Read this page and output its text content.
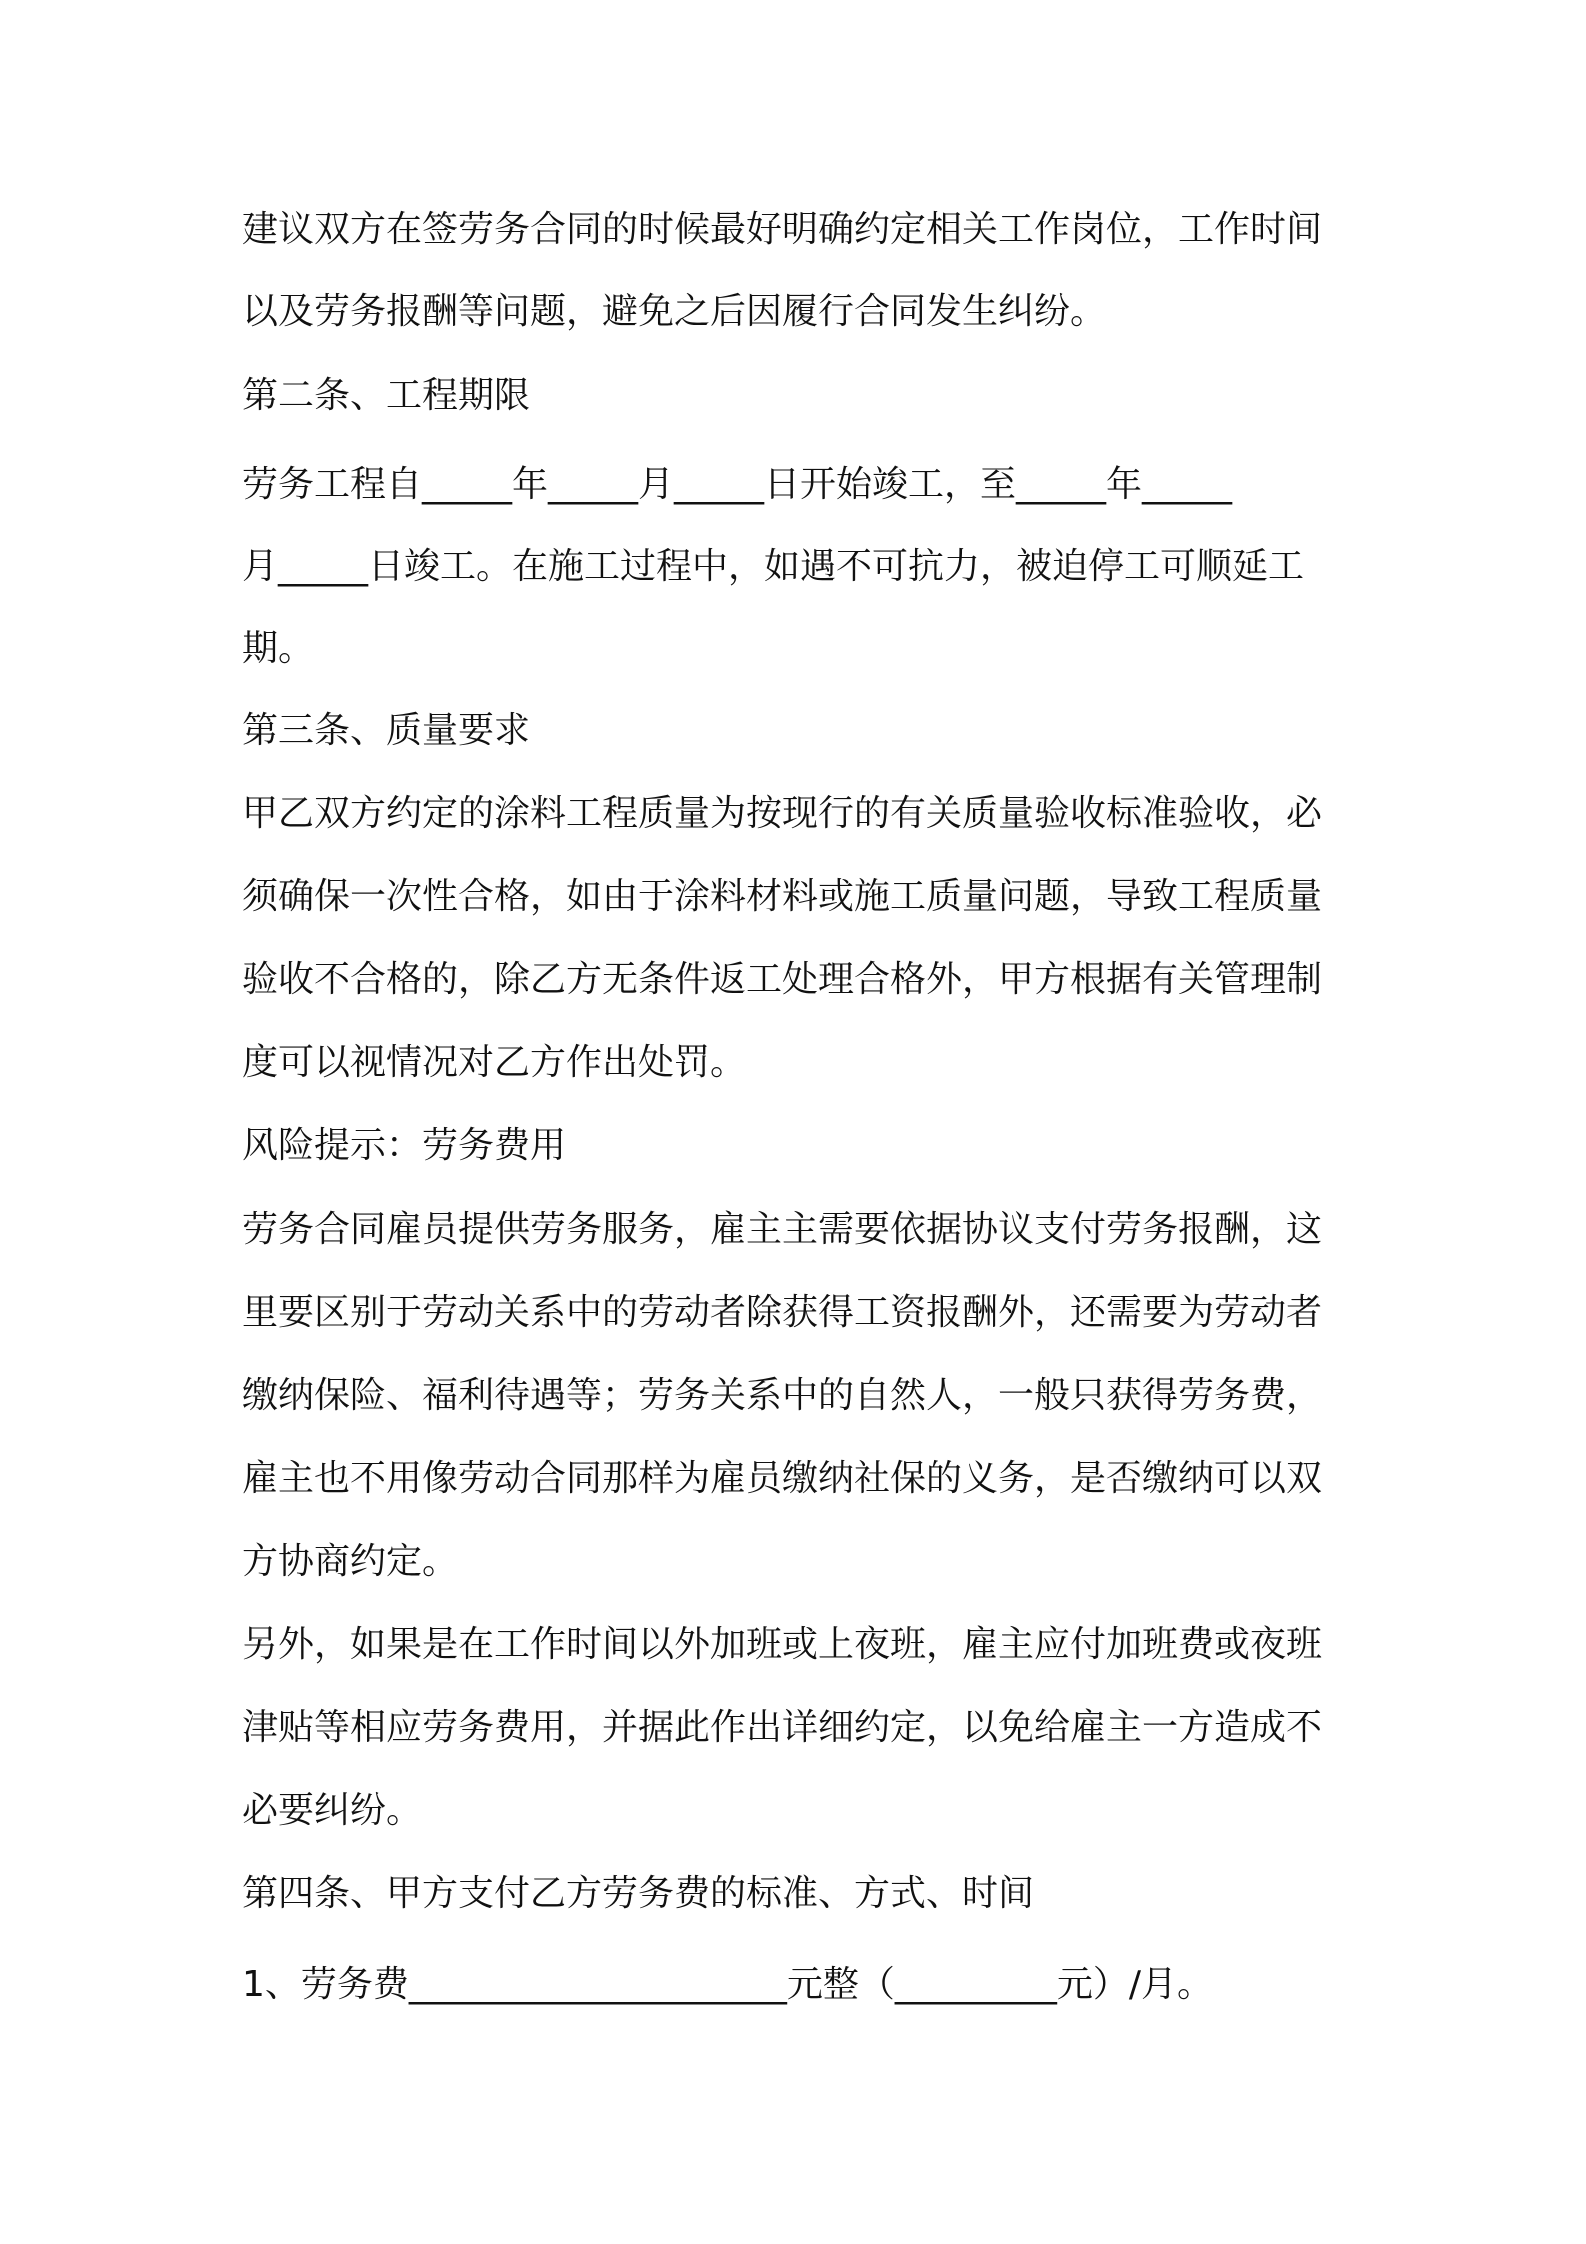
建议双方在签劳务合同的时候最好明确约定相关工作岗位，工作时间
以及劳务报酬等问题，避免之后因履行合同发生纠纷。
第二条、工程期限
劳务工程自_____年_____月_____日开始竣工，至_____年_____
月_____日竣工。在施工过程中，如遇不可抗力，被迫停工可顺延工
期。
第三条、质量要求
甲乙双方约定的涂料工程质量为按现行的有关质量验收标准验收，必
须确保一次性合格，如由于涂料材料或施工质量问题，导致工程质量
验收不合格的，除乙方无条件返工处理合格外，甲方根据有关管理制
度可以视情况对乙方作出处罚。
风险提示：劳务费用
劳务合同雇员提供劳务服务，雇主主需要依据协议支付劳务报酬，这
里要区别于劳动关系中的劳动者除获得工资报酬外，还需要为劳动者
缴纳保险、福利待遇等；劳务关系中的自然人，一般只获得劳务费，
雇主也不用像劳动合同那样为雇员缴纳社保的义务，是否缴纳可以双
方协商约定。
另外，如果是在工作时间以外加班或上夜班，雇主应付加班费或夜班
津贴等相应劳务费用，并据此作出详细约定，以免给雇主一方造成不
必要纠纷。
第四条、甲方支付乙方劳务费的标准、方式、时间
1、劳务费_____________________元整（_________元）/月。
